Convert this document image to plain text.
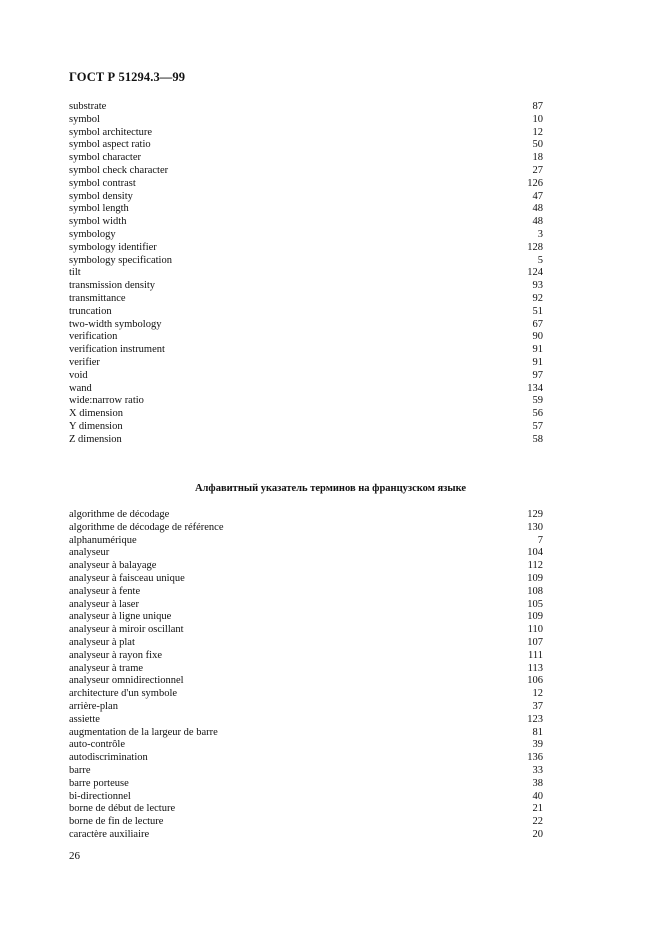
ГОСТ Р 51294.3—99
substrate	87
symbol	10
symbol architecture	12
symbol aspect ratio	50
symbol character	18
symbol check character	27
symbol contrast	126
symbol density	47
symbol length	48
symbol width	48
symbology	3
symbology identifier	128
symbology specification	5
tilt	124
transmission density	93
transmittance	92
truncation	51
two-width symbology	67
verification	90
verification instrument	91
verifier	91
void	97
wand	134
wide:narrow ratio	59
X dimension	56
Y dimension	57
Z dimension	58
Алфавитный указатель терминов на французском языке
algorithme de décodage	129
algorithme de décodage de référence	130
alphanumérique	7
analyseur	104
analyseur à balayage	112
analyseur à faisceau unique	109
analyseur à fente	108
analyseur à laser	105
analyseur à ligne unique	109
analyseur à miroir oscillant	110
analyseur à plat	107
analyseur à rayon fixe	111
analyseur à trame	113
analyseur omnidirectionnel	106
architecture d'un symbole	12
arrière-plan	37
assiette	123
augmentation de la largeur de barre	81
auto-contrôle	39
autodiscrimination	136
barre	33
barre porteuse	38
bi-directionnel	40
borne de début de lecture	21
borne de fin de lecture	22
caractère auxiliaire	20
26
